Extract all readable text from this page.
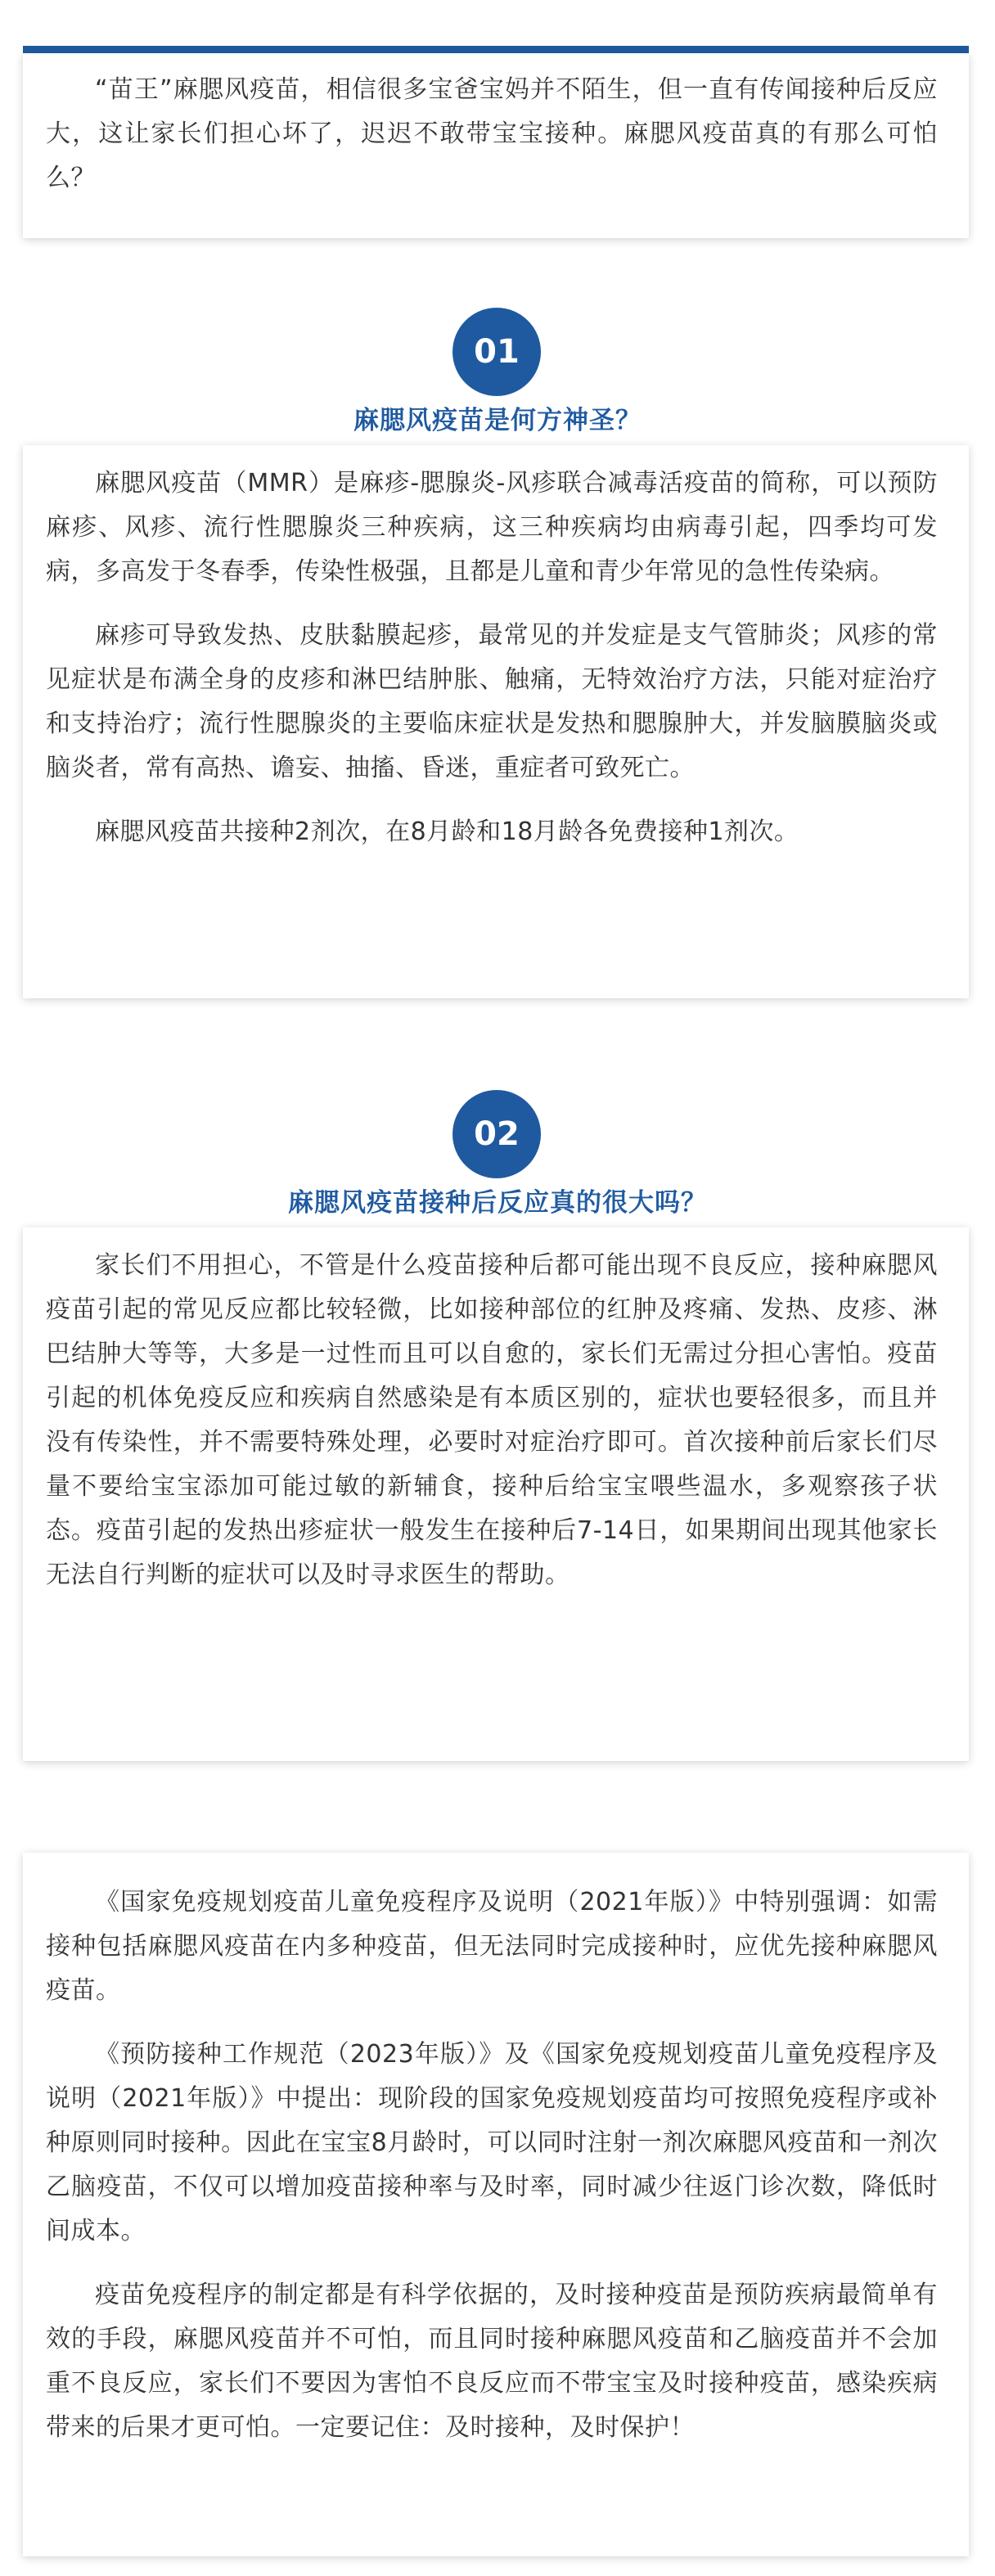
“苗王”麻腮风疫苗，相信很多宝爸宝妈并不陌生，但一直有传闻接种后反应大，这让家长们担心坏了，迟迟不敢带宝宝接种。麻腮风疫苗真的有那么可怕么？

01
麻腮风疫苗是何方神圣？

麻腮风疫苗（MMR）是麻疹-腮腺炎-风疹联合减毒活疫苗的简称，可以预防麻疹、风疹、流行性腮腺炎三种疾病，这三种疾病均由病毒引起，四季均可发病，多高发于冬春季，传染性极强，且都是儿童和青少年常见的急性传染病。

麻疹可导致发热、皮肤黏膜起疹，最常见的并发症是支气管肺炎；风疹的常见症状是布满全身的皮疹和淋巴结肿胀、触痛，无特效治疗方法，只能对症治疗和支持治疗；流行性腮腺炎的主要临床症状是发热和腮腺肿大，并发脑膜脑炎或脑炎者，常有高热、谵妄、抽搐、昏迷，重症者可致死亡。

麻腮风疫苗共接种2剂次，在8月龄和18月龄各免费接种1剂次。

02
麻腮风疫苗接种后反应真的很大吗？

家长们不用担心，不管是什么疫苗接种后都可能出现不良反应，接种麻腮风疫苗引起的常见反应都比较轻微，比如接种部位的红肿及疼痛、发热、皮疹、淋巴结肿大等等，大多是一过性而且可以自愈的，家长们无需过分担心害怕。疫苗引起的机体免疫反应和疾病自然感染是有本质区别的，症状也要轻很多，而且并没有传染性，并不需要特殊处理，必要时对症治疗即可。首次接种前后家长们尽量不要给宝宝添加可能过敏的新辅食，接种后给宝宝喂些温水，多观察孩子状态。疫苗引起的发热出疹症状一般发生在接种后7-14日，如果期间出现其他家长无法自行判断的症状可以及时寻求医生的帮助。

《国家免疫规划疫苗儿童免疫程序及说明（2021年版）》中特别强调：如需接种包括麻腮风疫苗在内多种疫苗，但无法同时完成接种时，应优先接种麻腮风疫苗。

《预防接种工作规范（2023年版）》及《国家免疫规划疫苗儿童免疫程序及说明（2021年版）》中提出：现阶段的国家免疫规划疫苗均可按照免疫程序或补种原则同时接种。因此在宝宝8月龄时，可以同时注射一剂次麻腮风疫苗和一剂次乙脑疫苗，不仅可以增加疫苗接种率与及时率，同时减少往返门诊次数，降低时间成本。

疫苗免疫程序的制定都是有科学依据的，及时接种疫苗是预防疾病最简单有效的手段，麻腮风疫苗并不可怕，而且同时接种麻腮风疫苗和乙脑疫苗并不会加重不良反应，家长们不要因为害怕不良反应而不带宝宝及时接种疫苗，感染疾病带来的后果才更可怕。一定要记住：及时接种，及时保护！
